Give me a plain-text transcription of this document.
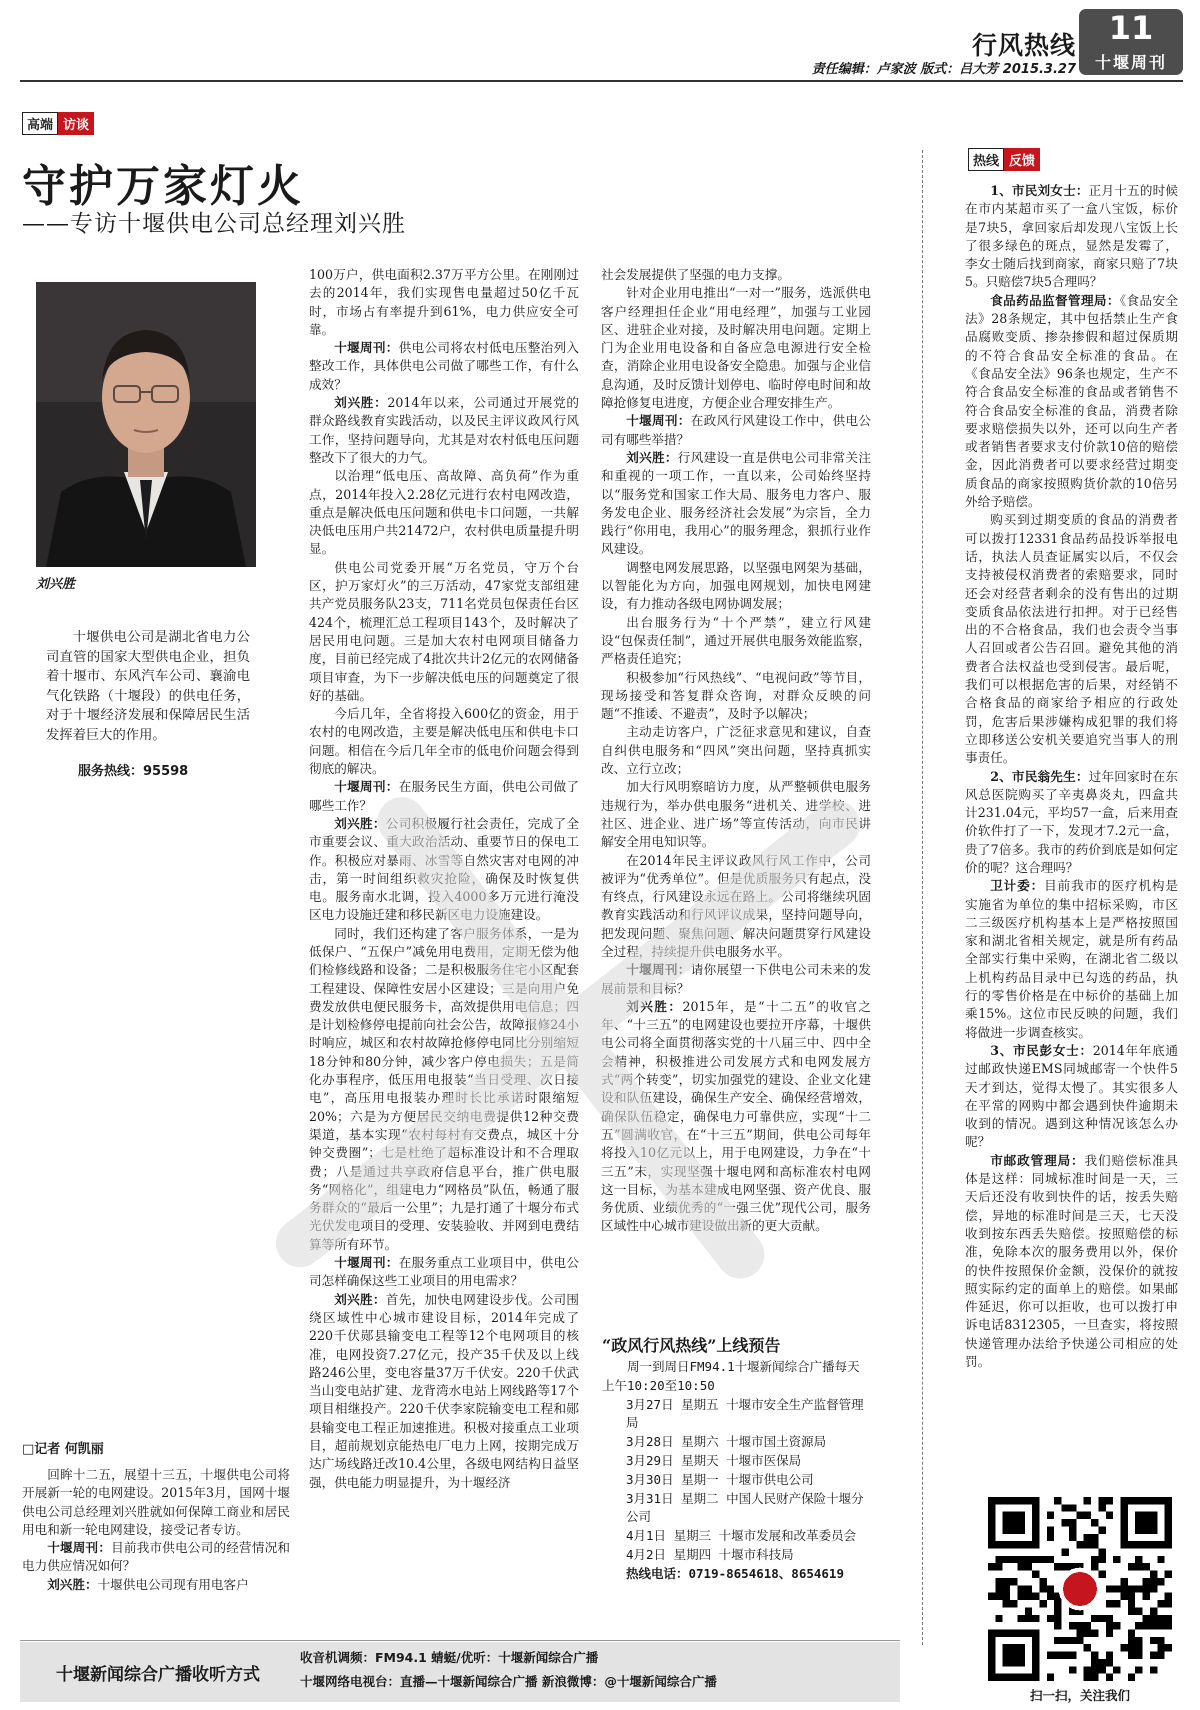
行风热线	11
十堰周刊
责任编辑：卢家波 版式：吕大芳 2015.3.27
高端 访谈
守护万家灯火
——专访十堰供电公司总经理刘兴胜
刘兴胜

十堰供电公司是湖北省电力公司直管的国家大型供电企业，担负着十堰市、东风汽车公司、襄渝电气化铁路（十堰段）的供电任务，对于十堰经济发展和保障居民生活发挥着巨大的作用。

服务热线：95598
□记者 何凯丽

回眸十二五，展望十三五，十堰供电公司将开展新一轮的电网建设。2015年3月，国网十堰供电公司总经理刘兴胜就如何保障工商业和居民用电和新一轮电网建设，接受记者专访。

十堰周刊：目前我市供电公司的经营情况和电力供应情况如何？

刘兴胜：十堰供电公司现有用电客户

100万户，供电面积2.37万平方公里。在刚刚过去的2014年，我们实现售电量超过50亿千瓦时，市场占有率提升到61%，电力供应安全可靠。

十堰周刊：供电公司将农村低电压整治列入整改工作，具体供电公司做了哪些工作，有什么成效？

刘兴胜：2014年以来，公司通过开展党的群众路线教育实践活动，以及民主评议政风行风工作，坚持问题导向，尤其是对农村低电压问题整改下了很大的力气。

以治理“低电压、高故障、高负荷”作为重点，2014年投入2.28亿元进行农村电网改造，重点是解决低电压问题和供电卡口问题，一共解决低电压用户共21472户，农村供电质量提升明显。

供电公司党委开展“万名党员，守万个台区，护万家灯火”的三万活动，47家党支部组建共产党员服务队23支，711名党员包保责任台区424个，梳理汇总工程项目143个，及时解决了居民用电问题。三是加大农村电网项目储备力度，目前已经完成了4批次共计2亿元的农网储备项目审查，为下一步解决低电压的问题奠定了很好的基础。

今后几年，全省将投入600亿的资金，用于农村的电网改造，主要是解决低电压和供电卡口问题。相信在今后几年全市的低电价问题会得到彻底的解决。

十堰周刊：在服务民生方面，供电公司做了哪些工作？

刘兴胜：公司积极履行社会责任，完成了全市重要会议、重大政治活动、重要节日的保电工作。积极应对暴雨、冰雪等自然灾害对电网的冲击，第一时间组织救灾抢险，确保及时恢复供电。服务南水北调，投入4000多万元进行淹没区电力设施迁建和移民新区电力设施建设。

同时，我们还构建了客户服务体系，一是为低保户、“五保户”减免用电费用，定期无偿为他们检修线路和设备；二是积极服务住宅小区配套工程建设、保障性安居小区建设；三是向用户免费发放供电便民服务卡，高效提供用电信息；四是计划检修停电提前向社会公告，故障报修24小时响应，城区和农村故障抢修停电同比分别缩短18分钟和80分钟，减少客户停电损失；五是简化办事程序，低压用电报装“当日受理、次日接电”，高压用电报装办理时长比承诺时限缩短20%；六是为方便居民交纳电费提供12种交费渠道，基本实现“农村每村有交费点，城区十分钟交费圈”；七是杜绝了超标准设计和不合理取费；八是通过共享政府信息平台，推广供电服务“网格化”，组建电力“网格员”队伍，畅通了服务群众的“最后一公里”；九是打通了十堰分布式光伏发电项目的受理、安装验收、并网到电费结算等所有环节。

十堰周刊：在服务重点工业项目中，供电公司怎样确保这些工业项目的用电需求？

刘兴胜：首先，加快电网建设步伐。公司围绕区域性中心城市建设目标，2014年完成了220千伏郧县输变电工程等12个电网项目的核准，电网投资7.27亿元，投产35千伏及以上线路246公里，变电容量37万千伏安。220千伏武当山变电站扩建、龙背湾水电站上网线路等17个项目相继投产。220千伏李家院输变电工程和郧县输变电工程正加速推进。积极对接重点工业项目，超前规划京能热电厂电力上网，按期完成万达广场线路迁改10.4公里，各级电网结构日益坚强，供电能力明显提升，为十堰经济

社会发展提供了坚强的电力支撑。

针对企业用电推出“一对一”服务，选派供电客户经理担任企业“用电经理”，加强与工业园区、进驻企业对接，及时解决用电问题。定期上门为企业用电设备和自备应急电源进行安全检查，消除企业用电设备安全隐患。加强与企业信息沟通，及时反馈计划停电、临时停电时间和故障抢修复电进度，方便企业合理安排生产。

十堰周刊：在政风行风建设工作中，供电公司有哪些举措？

刘兴胜：行风建设一直是供电公司非常关注和重视的一项工作，一直以来，公司始终坚持以“服务党和国家工作大局、服务电力客户、服务发电企业、服务经济社会发展”为宗旨，全力践行“你用电，我用心”的服务理念，狠抓行业作风建设。

调整电网发展思路，以坚强电网架为基础，以智能化为方向，加强电网规划，加快电网建设，有力推动各级电网协调发展；

出台服务行为“十个严禁”，建立行风建设“包保责任制”，通过开展供电服务效能监察，严格责任追究；

积极参加“行风热线”、“电视问政”等节目，现场接受和答复群众咨询，对群众反映的问题“不推诿、不避责”，及时予以解决；

主动走访客户，广泛征求意见和建议，自查自纠供电服务和“四风”突出问题，坚持真抓实改、立行立改；

加大行风明察暗访力度，从严整顿供电服务违规行为，举办供电服务“进机关、进学校、进社区、进企业、进广场”等宣传活动，向市民讲解安全用电知识等。

在2014年民主评议政风行风工作中，公司被评为“优秀单位”。但是优质服务只有起点，没有终点，行风建设永远在路上。公司将继续巩固教育实践活动和行风评议成果，坚持问题导向，把发现问题、聚焦问题、解决问题贯穿行风建设全过程，持续提升供电服务水平。

十堰周刊：请你展望一下供电公司未来的发展前景和目标？

刘兴胜：2015年，是“十二五”的收官之年、“十三五”的电网建设也要拉开序幕，十堰供电公司将全面贯彻落实党的十八届三中、四中全会精神，积极推进公司发展方式和电网发展方式“两个转变”，切实加强党的建设、企业文化建设和队伍建设，确保生产安全、确保经营增效，确保队伍稳定，确保电力可靠供应，实现“十二五”圆满收官，在“十三五”期间，供电公司每年将投入10亿元以上，用于电网建设，力争在“十三五”末，实现坚强十堰电网和高标准农村电网这一目标，为基本建成电网坚强、资产优良、服务优质、业绩优秀的“一强三优”现代公司，服务区域性中心城市建设做出新的更大贡献。

“政风行风热线”上线预告

周一到周日FM94.1十堰新闻综合广播每天上午10:20至10:50

3月27日 星期五 十堰市安全生产监督管理局

3月28日 星期六 十堰市国土资源局

3月29日 星期天 十堰市医保局

3月30日 星期一 十堰市供电公司

3月31日 星期二 中国人民财产保险十堰分公司

4月1日 星期三 十堰市发展和改革委员会

4月2日 星期四 十堰市科技局

热线电话：0719-8654618、8654619

热线 反馈

1、市民刘女士：正月十五的时候在市内某超市买了一盒八宝饭，标价是7块5，拿回家后却发现八宝饭上长了很多绿色的斑点，显然是发霉了，李女士随后找到商家，商家只赔了7块5。只赔偿7块5合理吗？

食品药品监督管理局：《食品安全法》28条规定，其中包括禁止生产食品腐败变质、掺杂掺假和超过保质期的不符合食品安全标准的食品。在《食品安全法》96条也规定，生产不符合食品安全标准的食品或者销售不符合食品安全标准的食品，消费者除要求赔偿损失以外，还可以向生产者或者销售者要求支付价款10倍的赔偿金，因此消费者可以要求经营过期变质食品的商家按照购货价款的10倍另外给予赔偿。

购买到过期变质的食品的消费者可以拨打12331食品药品投诉举报电话，执法人员查证属实以后，不仅会支持被侵权消费者的索赔要求，同时还会对经营者剩余的没有售出的过期变质食品依法进行扣押。对于已经售出的不合格食品，我们也会责令当事人召回或者公告召回。避免其他的消费者合法权益也受到侵害。最后呢，我们可以根据危害的后果，对经销不合格食品的商家给予相应的行政处罚，危害后果涉嫌构成犯罪的我们将立即移送公安机关要追究当事人的刑事责任。

2、市民翁先生：过年回家时在东风总医院购买了辛夷鼻炎丸，四盒共计231.04元，平均57一盒，后来用查价软件打了一下，发现才7.2元一盒，贵了7倍多。我市的药价到底是如何定价的呢？这合理吗？

卫计委：目前我市的医疗机构是实施省为单位的集中招标采购，市区二三级医疗机构基本上是严格按照国家和湖北省相关规定，就是所有药品全部实行集中采购，在湖北省二级以上机构药品目录中已勾选的药品，执行的零售价格是在中标价的基础上加乘15%。这位市民反映的问题，我们将做进一步调查核实。

3、市民彭女士：2014年年底通过邮政快递EMS同城邮寄一个快件5天才到达，觉得太慢了。其实很多人在平常的网购中都会遇到快件逾期未收到的情况。遇到这种情况该怎么办呢？

市邮政管理局：我们赔偿标准具体是这样：同城标准时间是一天，三天后还没有收到快件的话，按丢失赔偿，异地的标准时间是三天，七天没收到按东西丢失赔偿。按照赔偿的标准，免除本次的服务费用以外，保价的快件按照保价金额，没保价的就按照实际约定的面单上的赔偿。如果邮件延迟，你可以拒收，也可以拨打申诉电话8312305，一旦查实，将按照快递管理办法给予快递公司相应的处罚。

扫一扫，关注我们
十堰新闻综合广播收听方式
收音机调频：FM94.1 蜻蜓/优听：十堰新闻综合广播
十堰网络电视台：直播—十堰新闻综合广播 新浪微博：@十堰新闻综合广播
